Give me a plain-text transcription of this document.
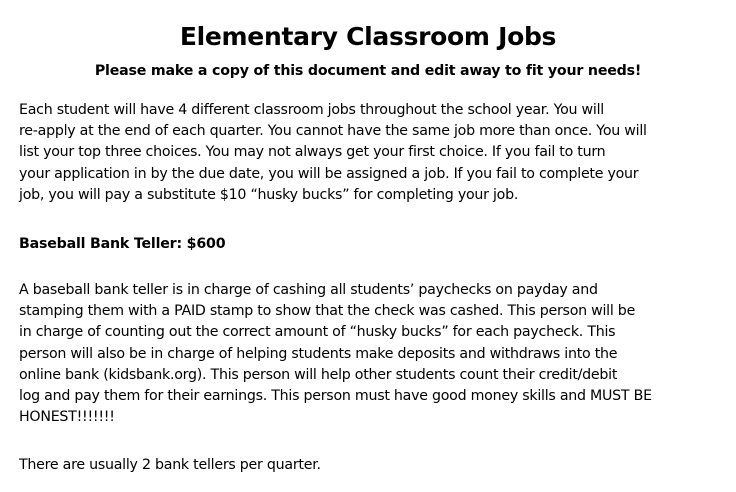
Elementary Classroom Jobs
Please make a copy of this document and edit away to fit your needs!

Each student will have 4 different classroom jobs throughout the school year. You will
re-apply at the end of each quarter. You cannot have the same job more than once. You will
list your top three choices. You may not always get your first choice. If you fail to turn
your application in by the due date, you will be assigned a job. If you fail to complete your
job, you will pay a substitute $10 “husky bucks” for completing your job.

Baseball Bank Teller: $600

A baseball bank teller is in charge of cashing all students’ paychecks on payday and
stamping them with a PAID stamp to show that the check was cashed. This person will be
in charge of counting out the correct amount of “husky bucks” for each paycheck. This
person will also be in charge of helping students make deposits and withdraws into the
online bank (kidsbank.org). This person will help other students count their credit/debit
log and pay them for their earnings. This person must have good money skills and MUST BE
HONEST!!!!!!!

There are usually 2 bank tellers per quarter.
